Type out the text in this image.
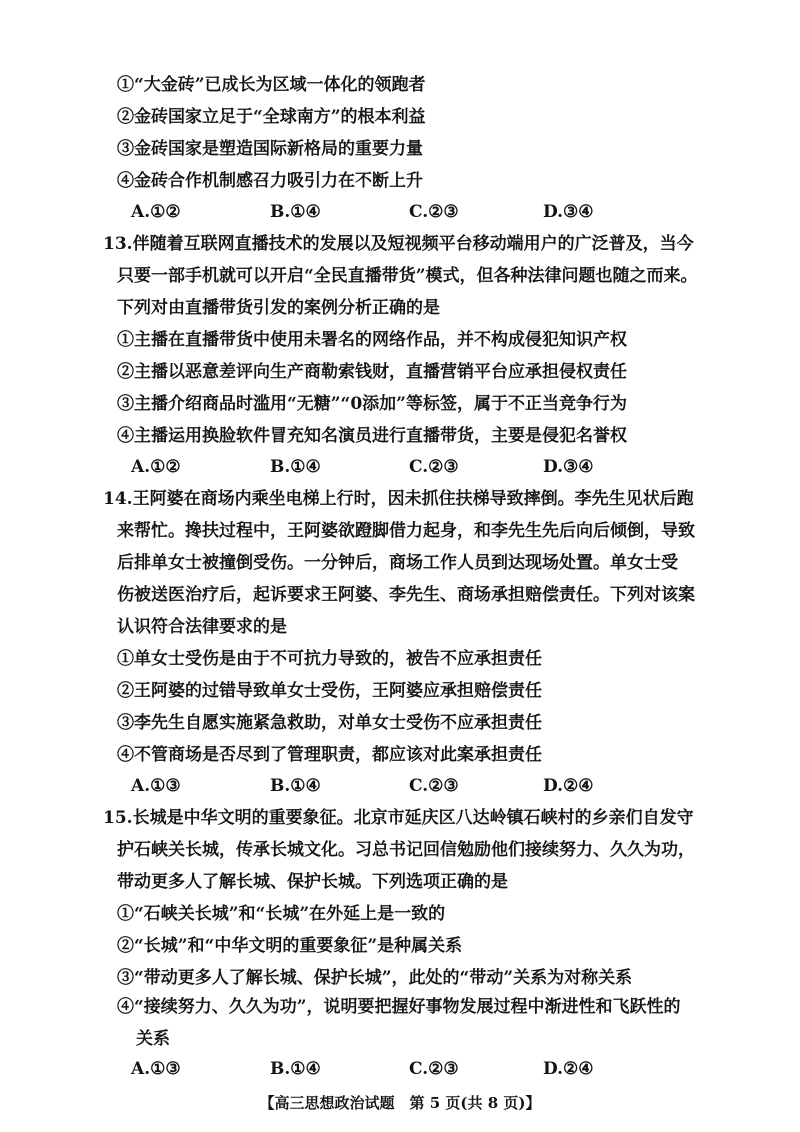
①“大金砖”已成长为区域一体化的领跑者
②金砖国家立足于“全球南方”的根本利益
③金砖国家是塑造国际新格局的重要力量
④金砖合作机制感召力吸引力在不断上升
A.①②	B.①④	C.②③	D.③④
13.伴随着互联网直播技术的发展以及短视频平台移动端用户的广泛普及，当今
只要一部手机就可以开启“全民直播带货”模式，但各种法律问题也随之而来。
下列对由直播带货引发的案例分析正确的是
①主播在直播带货中使用未署名的网络作品，并不构成侵犯知识产权
②主播以恶意差评向生产商勒索钱财，直播营销平台应承担侵权责任
③主播介绍商品时滥用“无糖”“0添加”等标签，属于不正当竞争行为
④主播运用换脸软件冒充知名演员进行直播带货，主要是侵犯名誉权
A.①②	B.①④	C.②③	D.③④
14.王阿婆在商场内乘坐电梯上行时，因未抓住扶梯导致摔倒。李先生见状后跑
来帮忙。搀扶过程中，王阿婆欲蹬脚借力起身，和李先生先后向后倾倒，导致
后排单女士被撞倒受伤。一分钟后，商场工作人员到达现场处置。单女士受
伤被送医治疗后，起诉要求王阿婆、李先生、商场承担赔偿责任。下列对该案
认识符合法律要求的是
①单女士受伤是由于不可抗力导致的，被告不应承担责任
②王阿婆的过错导致单女士受伤，王阿婆应承担赔偿责任
③李先生自愿实施紧急救助，对单女士受伤不应承担责任
④不管商场是否尽到了管理职责，都应该对此案承担责任
A.①③	B.①④	C.②③	D.②④
15.长城是中华文明的重要象征。北京市延庆区八达岭镇石峡村的乡亲们自发守
护石峡关长城，传承长城文化。习总书记回信勉励他们接续努力、久久为功，
带动更多人了解长城、保护长城。下列选项正确的是
①“石峡关长城”和“长城”在外延上是一致的
②“长城”和“中华文明的重要象征”是种属关系
③“带动更多人了解长城、保护长城”，此处的“带动”关系为对称关系
④“接续努力、久久为功”，说明要把握好事物发展过程中渐进性和飞跃性的
A.①③	B.①④	C.②③	D.②④
关系
【高三思想政治试题　第 5 页(共 8 页)】
